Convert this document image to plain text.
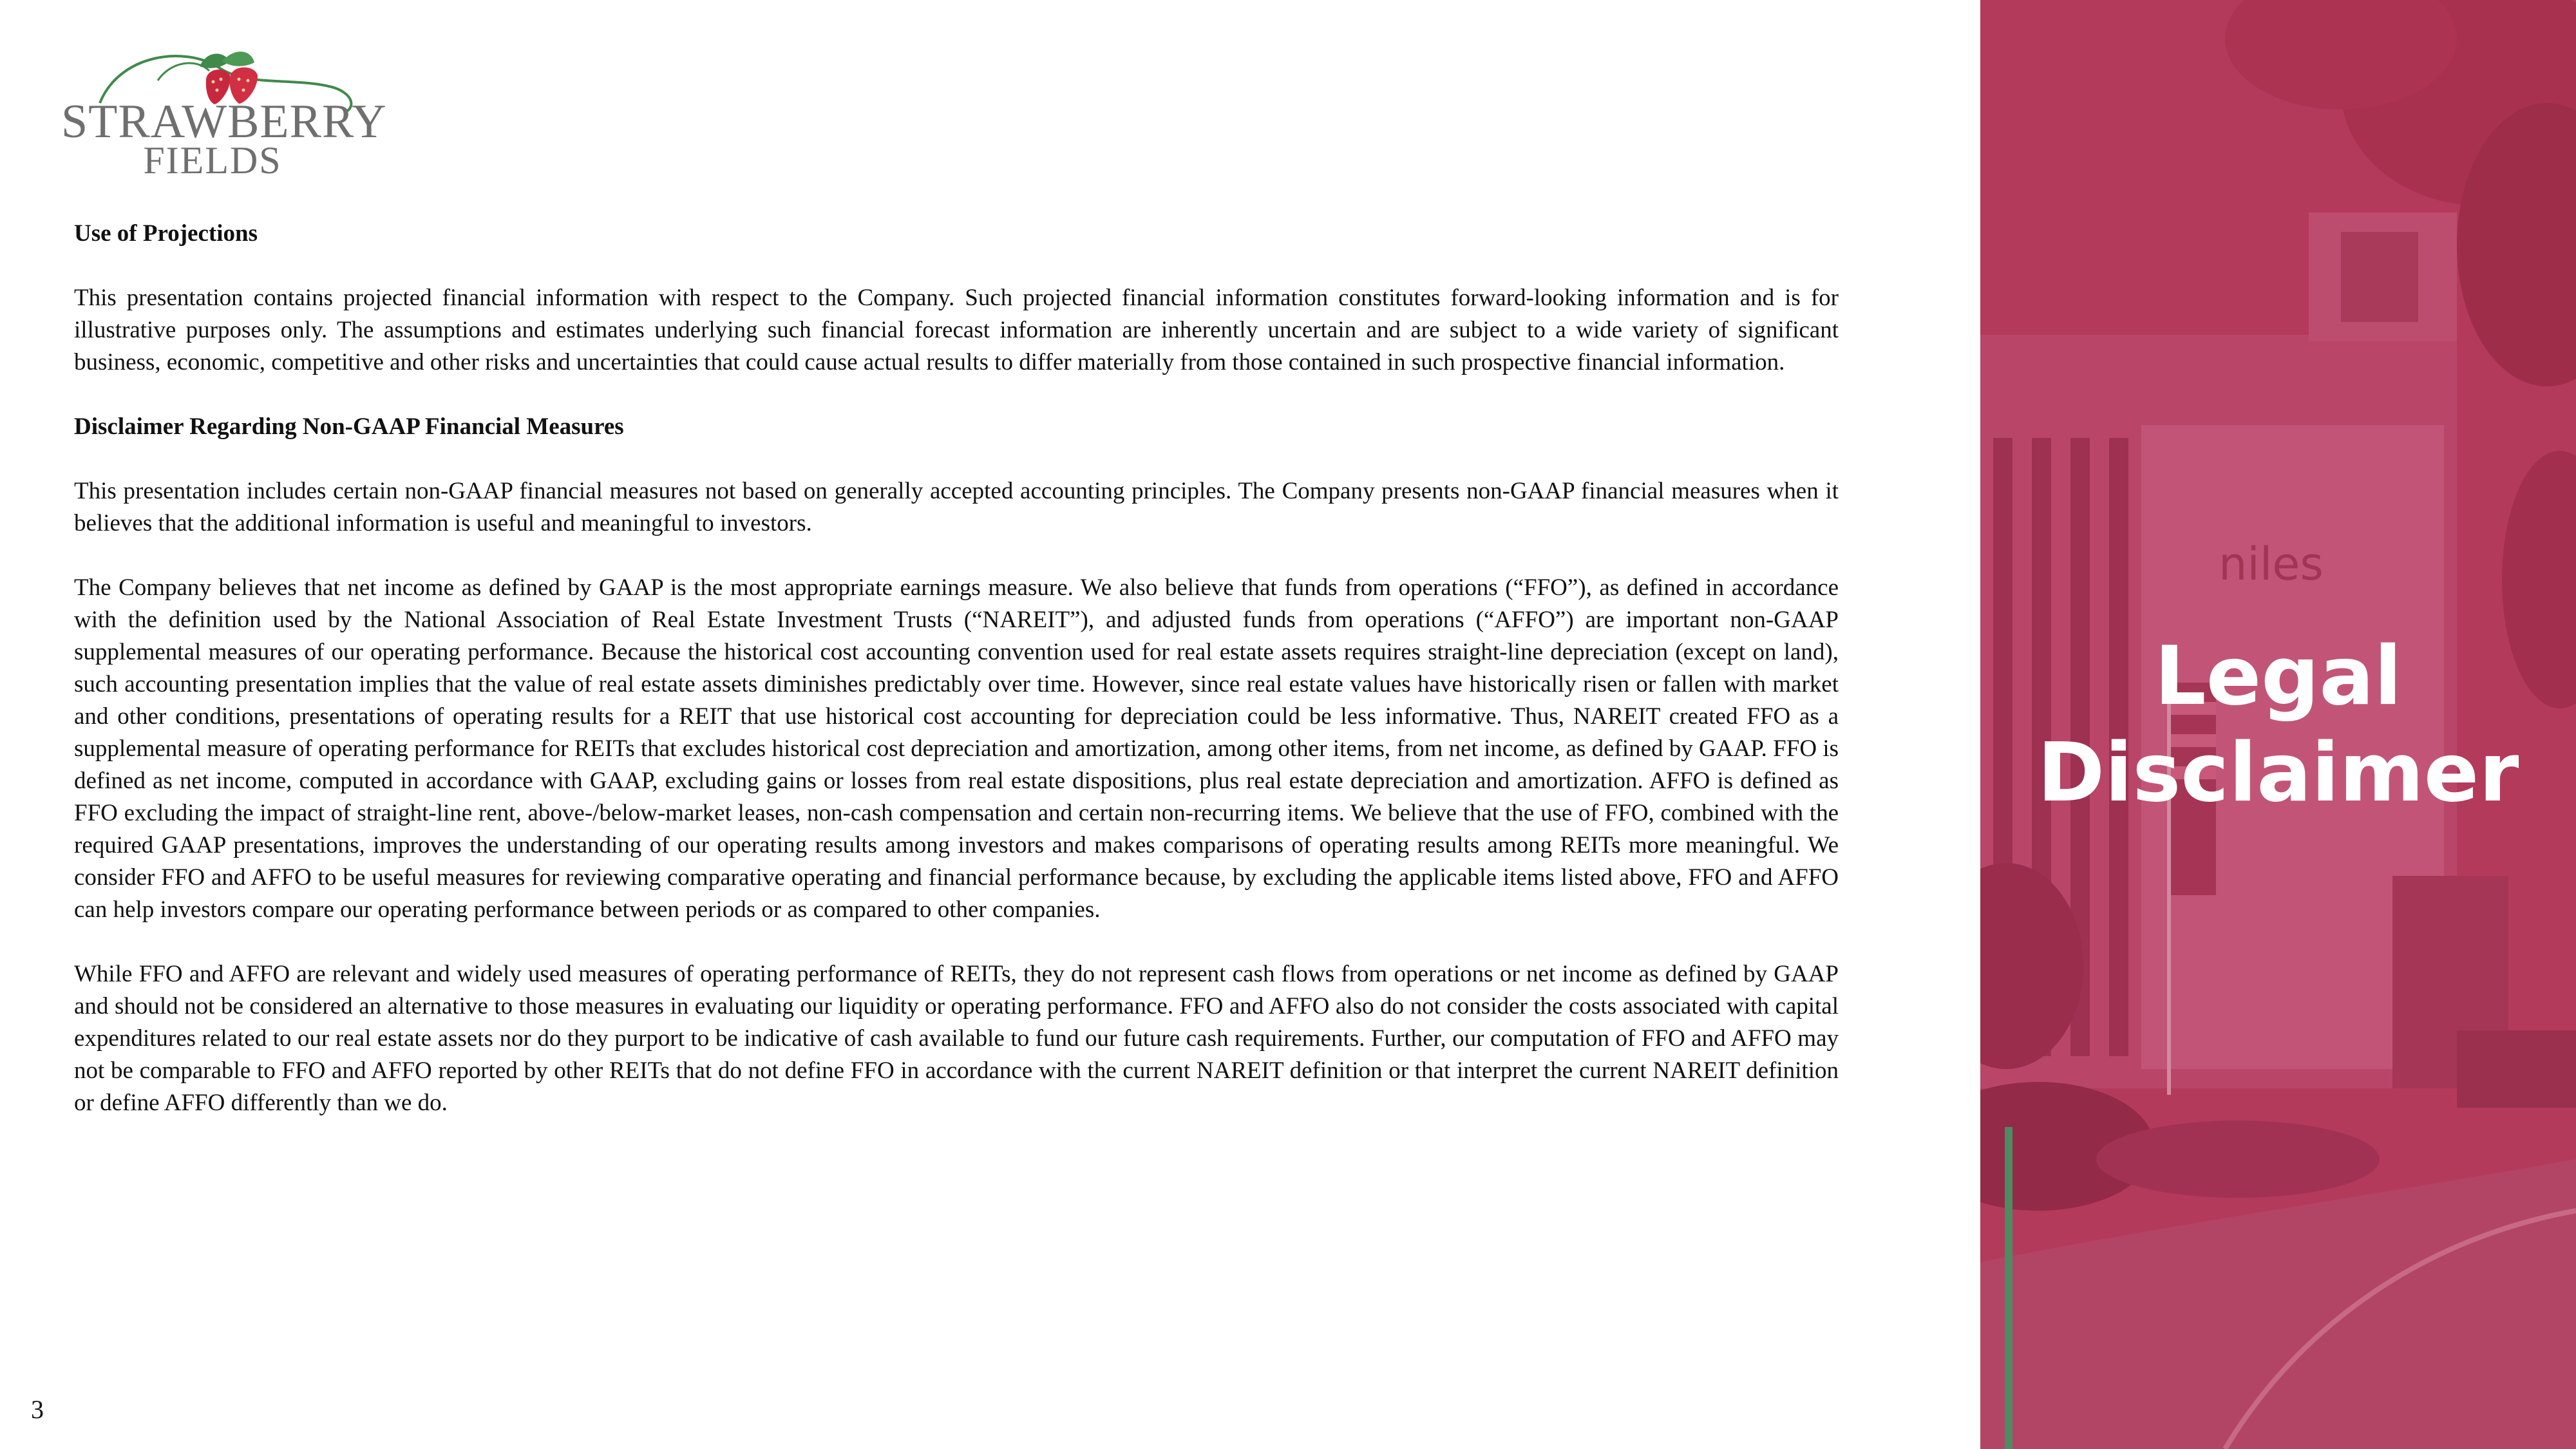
STRAWBERRY
FIELDS
Use of Projections

This presentation contains projected financial information with respect to the Company. Such projected financial information constitutes forward-looking information and is for illustrative purposes only. The assumptions and estimates underlying such financial forecast information are inherently uncertain and are subject to a wide variety of significant business, economic, competitive and other risks and uncertainties that could cause actual results to differ materially from those contained in such prospective financial information.

Disclaimer Regarding Non-GAAP Financial Measures

This presentation includes certain non-GAAP financial measures not based on generally accepted accounting principles. The Company presents non-GAAP financial measures when it believes that the additional information is useful and meaningful to investors.

The Company believes that net income as defined by GAAP is the most appropriate earnings measure. We also believe that funds from operations (“FFO”), as defined in accordance with the definition used by the National Association of Real Estate Investment Trusts (“NAREIT”), and adjusted funds from operations (“AFFO”) are important non-GAAP supplemental measures of our operating performance. Because the historical cost accounting convention used for real estate assets requires straight-line depreciation (except on land), such accounting presentation implies that the value of real estate assets diminishes predictably over time. However, since real estate values have historically risen or fallen with market and other conditions, presentations of operating results for a REIT that use historical cost accounting for depreciation could be less informative. Thus, NAREIT created FFO as a supplemental measure of operating performance for REITs that excludes historical cost depreciation and amortization, among other items, from net income, as defined by GAAP. FFO is defined as net income, computed in accordance with GAAP, excluding gains or losses from real estate dispositions, plus real estate depreciation and amortization. AFFO is defined as FFO excluding the impact of straight-line rent, above-/below-market leases, non-cash compensation and certain non-recurring items. We believe that the use of FFO, combined with the required GAAP presentations, improves the understanding of our operating results among investors and makes comparisons of operating results among REITs more meaningful. We consider FFO and AFFO to be useful measures for reviewing comparative operating and financial performance because, by excluding the applicable items listed above, FFO and AFFO can help investors compare our operating performance between periods or as compared to other companies.

While FFO and AFFO are relevant and widely used measures of operating performance of REITs, they do not represent cash flows from operations or net income as defined by GAAP and should not be considered an alternative to those measures in evaluating our liquidity or operating performance. FFO and AFFO also do not consider the costs associated with capital expenditures related to our real estate assets nor do they purport to be indicative of cash available to fund our future cash requirements. Further, our computation of FFO and AFFO may not be comparable to FFO and AFFO reported by other REITs that do not define FFO in accordance with the current NAREIT definition or that interpret the current NAREIT definition or define AFFO differently than we do.

3
niles
Legal
Disclaimer
